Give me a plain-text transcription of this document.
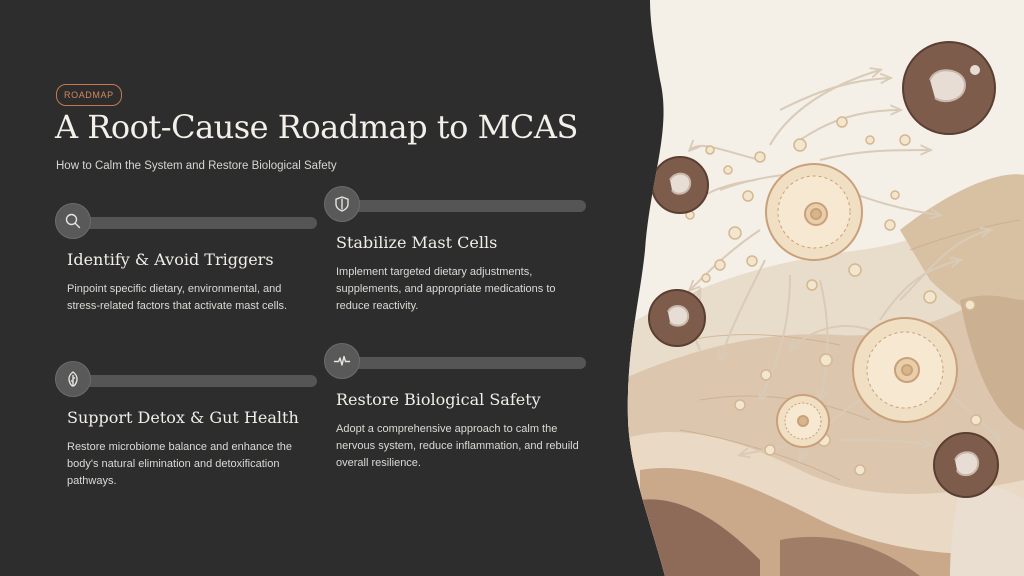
ROADMAP
A Root-Cause Roadmap to MCAS

How to Calm the System and Restore Biological Safety

Identify & Avoid Triggers

Pinpoint specific dietary, environmental, and stress-related factors that activate mast cells.

Stabilize Mast Cells

Implement targeted dietary adjustments, supplements, and appropriate medications to reduce reactivity.

Support Detox & Gut Health

Restore microbiome balance and enhance the body's natural elimination and detoxification pathways.

Restore Biological Safety

Adopt a comprehensive approach to calm the nervous system, reduce inflammation, and rebuild overall resilience.
